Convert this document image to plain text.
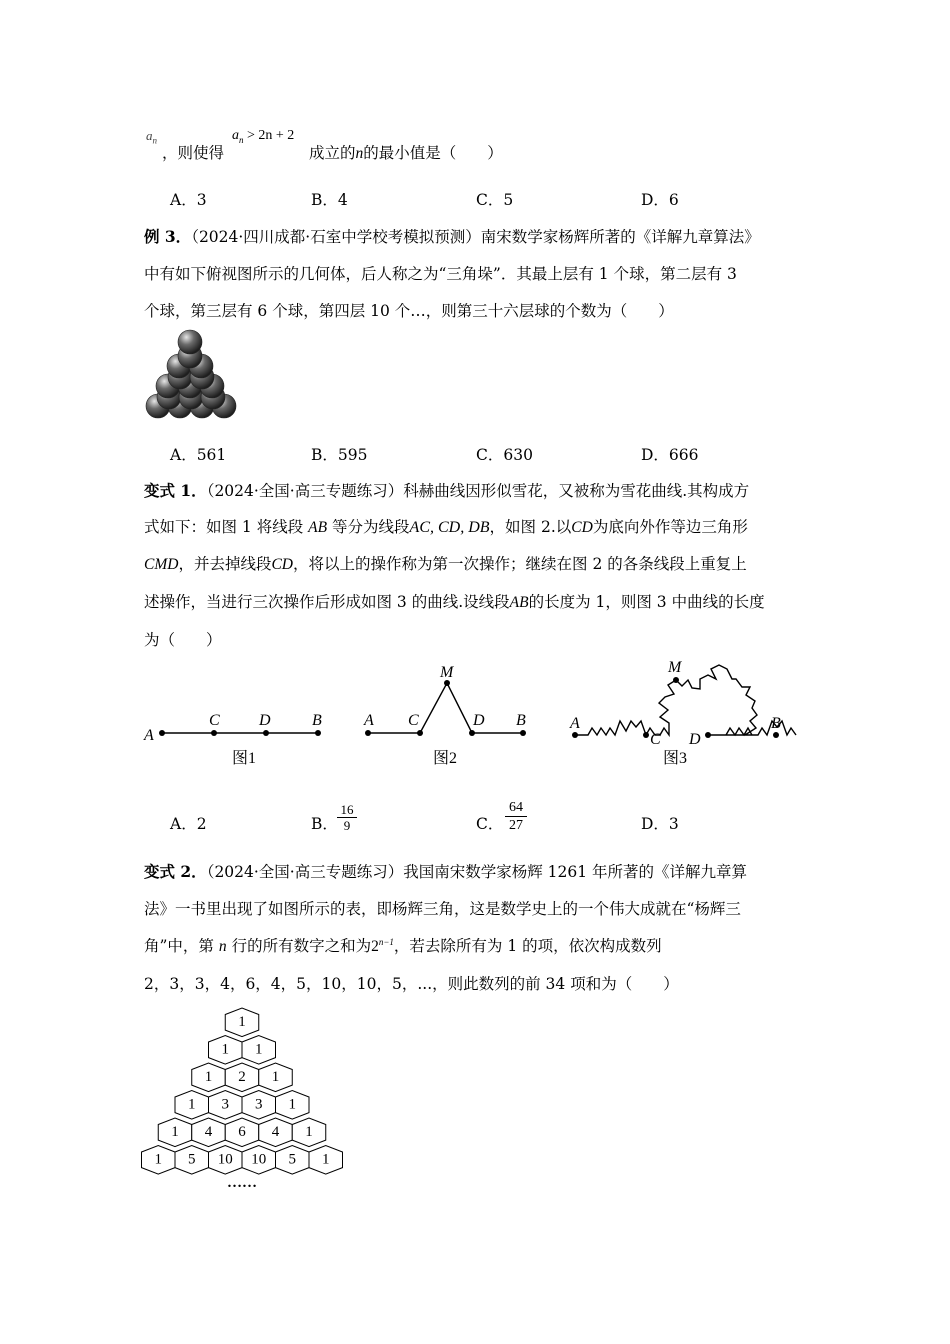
$a_n$
，则使得
$a_n > 2n + 2$
成立的n的最小值是（　　）
A．3	B．4	C．5	D．6
例 3．（2024·四川成都·石室中学校考模拟预测）南宋数学家杨辉所著的《详解九章算法》
中有如下俯视图所示的几何体，后人称之为“三角垛”．其最上层有 1 个球，第二层有 3
个球，第三层有 6 个球，第四层 10 个…，则第三十六层球的个数为（　　）
A．561	B．595	C．630	D．666
变式 1．（2024·全国·高三专题练习）科赫曲线因形似雪花，又被称为雪花曲线.其构成方
式如下：如图 1 将线段 AB 等分为线段AC, CD, DB，如图 2.以CD为底向外作等边三角形
CMD，并去掉线段CD，将以上的操作称为第一次操作；继续在图 2 的各条线段上重复上
述操作，当进行三次操作后形成如图 3 的曲线.设线段AB的长度为 1，则图 3 中曲线的长度
为（　　）
A
C D	B	A C
M
D B	A
C
M
D
B
图1	图2	图3
A．2	B． $\frac{16}{9}$	C． $\frac{64}{27}$	D．3
变式 2．（2024·全国·高三专题练习）我国南宋数学家杨辉 1261 年所著的《详解九章算
法》一书里出现了如图所示的表，即杨辉三角，这是数学史上的一个伟大成就在“杨辉三
角”中，第 n 行的所有数字之和为$2^{n-1}$，若去除所有为 1 的项，依次构成数列
2，3，3，4，6，4，5，10，10，5，...，则此数列的前 34 项和为（　　）
1
1 1
1 2 1
1 3 3 1
1 4 6 4 1
1 5 10 10 5 1
……
